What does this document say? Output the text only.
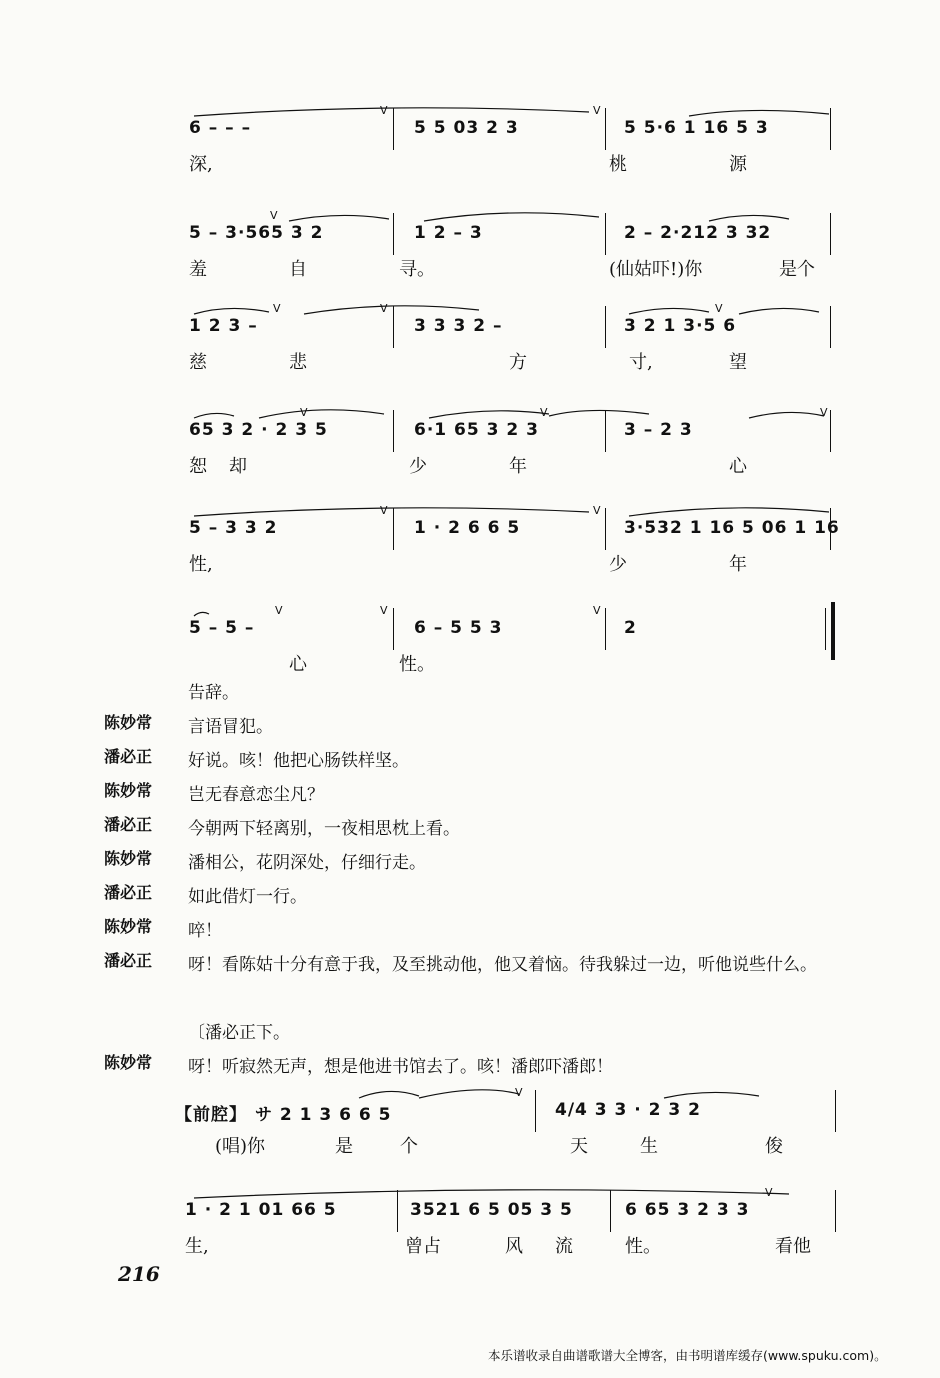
6 – – –	5 5 03 2 3	5 5·6 1 16 5 3
V	V
深,	桃	源
5 – 3·565 3 2	1 2 – 3	2 – 2·212 3 32
V
羞	自	寻。	(仙姑吓!)你	是个
1 2 3 –	3 3 3 2 –	3 2 1 3·5 6
V	V	V
慈	悲	方	寸,	望
65 3 2 · 2 3 5	6·1 65 3 2 3	3 – 2 3
V	V	V
恕 却	少	年	心
5 – 3 3 2	1 · 2 6 6 5	3·532 1 16 5 06 1 16
V	V
性,	少	年
5 – 5 –	6 – 5 5 3	2
V	V	V
心	性。
告辞。
陈妙常 言语冒犯。
潘必正 好说。咳！他把心肠铁样坚。
陈妙常 岂无春意恋尘凡？
潘必正 今朝两下轻离别，一夜相思枕上看。
陈妙常 潘相公，花阴深处，仔细行走。
潘必正 如此借灯一行。
陈妙常 啐！
潘必正 呀！看陈姑十分有意于我，及至挑动他，他又着恼。待我躲过一边，听他说些什么。
〔潘必正下。
陈妙常 呀！听寂然无声，想是他进书馆去了。咳！潘郎吓潘郎！
【前腔】 サ 2 1 3 6 6 5	4/4 3 3 · 2 3 2
V
(唱)你	是	个	天	生	俊
1 · 2 1 01 66 5	3521 6 5 05 3 5	6 65 3 2 3 3
V
生,	曾占	风 流	性。	看他
216
本乐谱收录自曲谱歌谱大全博客，由书明谱库缓存(www.spuku.com)。
